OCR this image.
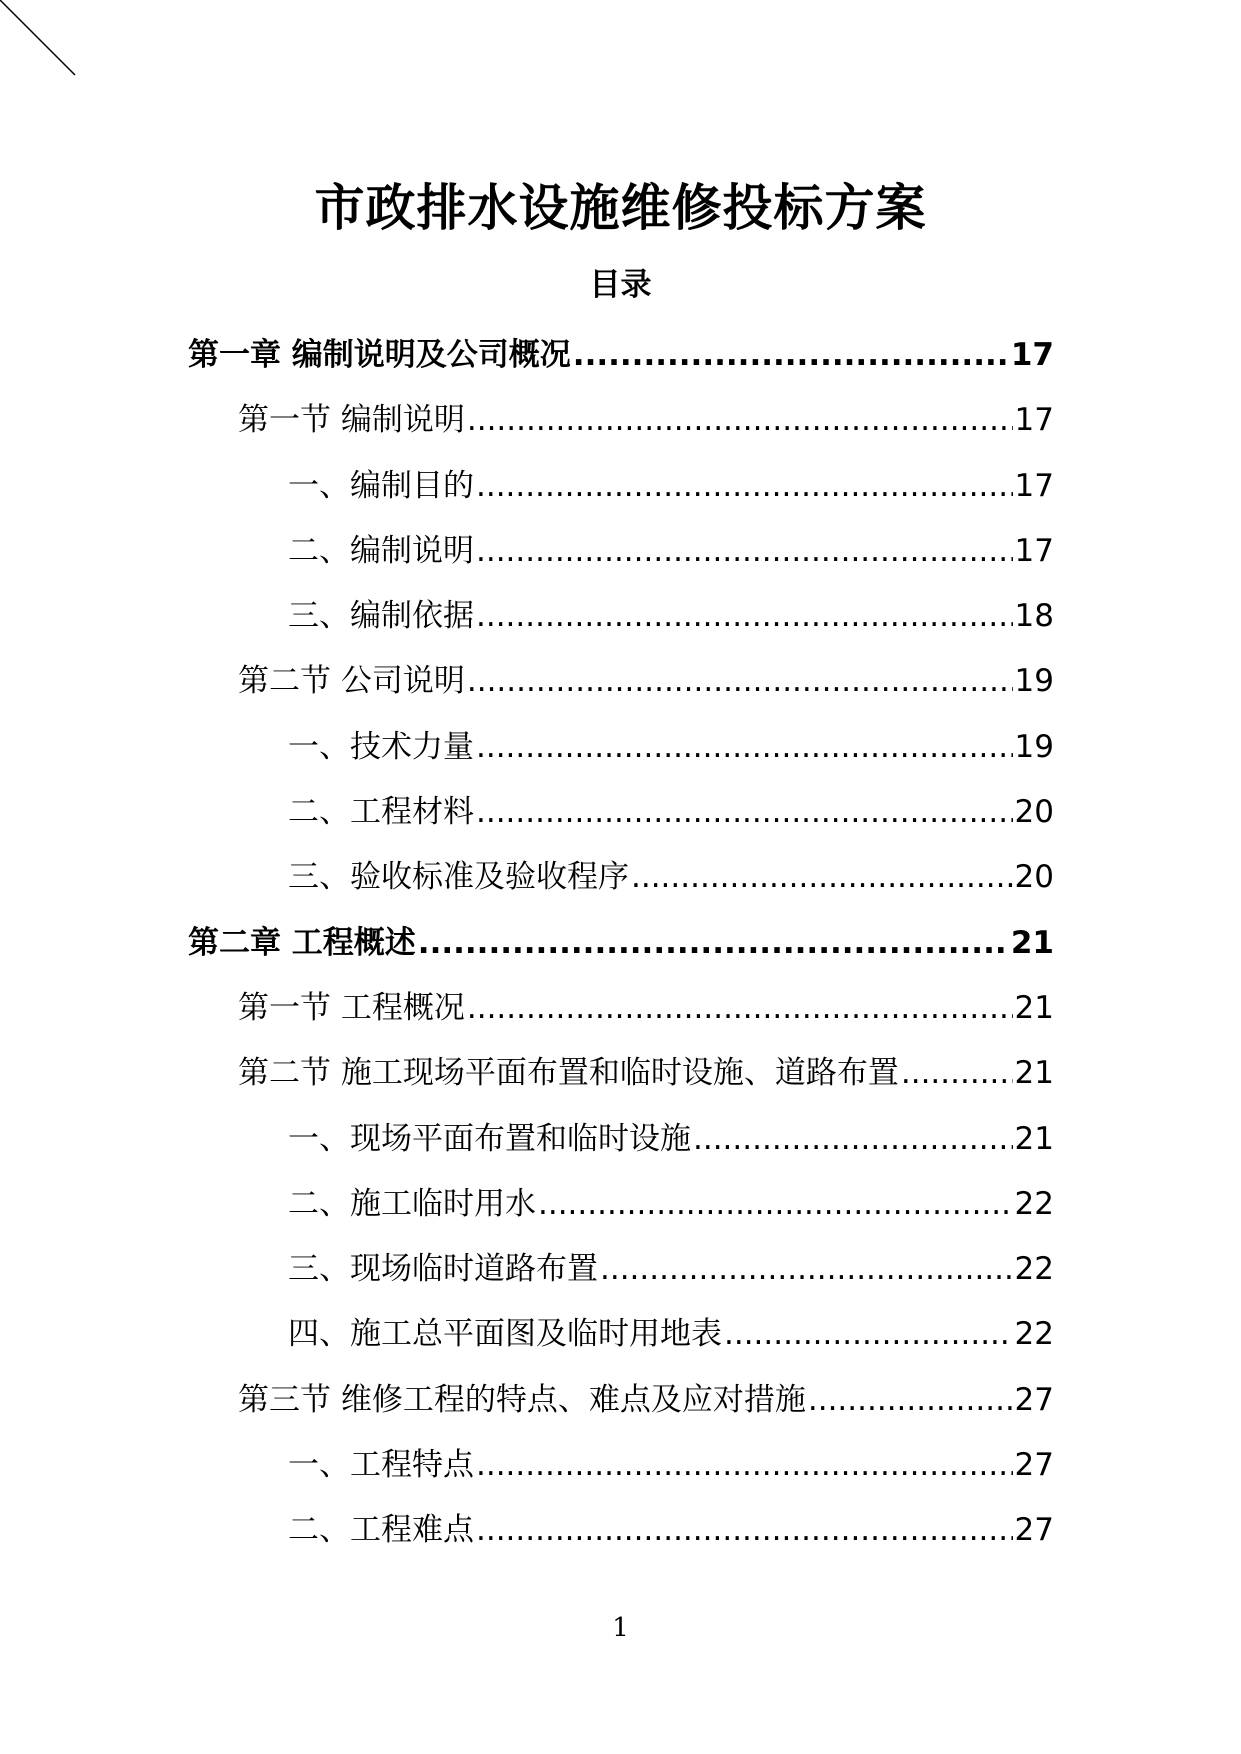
市政排水设施维修投标方案
目录
第一章 编制说明及公司概况 .....	17
第一节 编制说明 .....	17
一、编制目的 .....	17
二、编制说明 .....	17
三、编制依据 .....	18
第二节 公司说明 .....	19
一、技术力量 .....	19
二、工程材料 .....	20
三、验收标准及验收程序 .....	20
第二章 工程概述 .....	21
第一节 工程概况 .....	21
第二节 施工现场平面布置和临时设施、道路布置 .....	21
一、现场平面布置和临时设施 .....	21
二、施工临时用水 .....	22
三、现场临时道路布置 .....	22
四、施工总平面图及临时用地表 .....	22
第三节 维修工程的特点、难点及应对措施 .....	27
一、工程特点 .....	27
二、工程难点 .....	27
1
